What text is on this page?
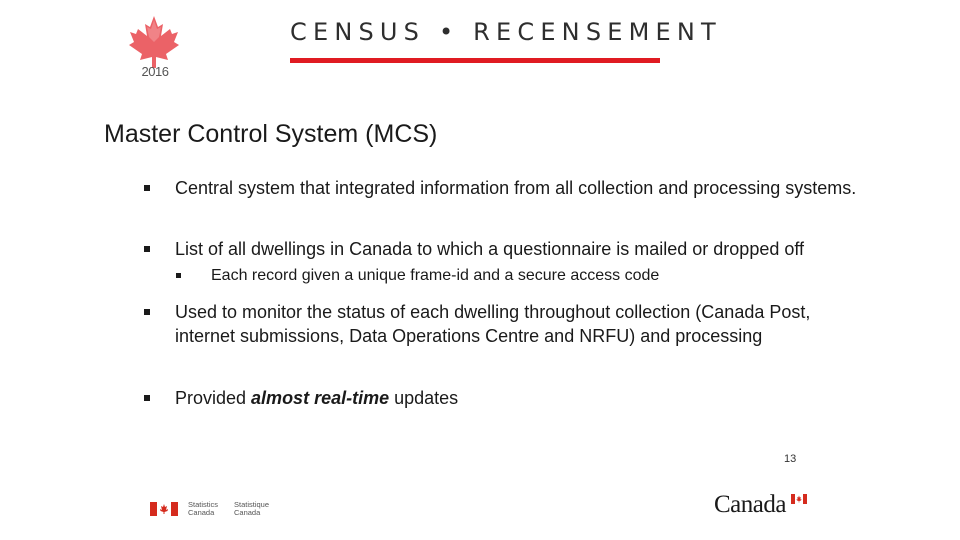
2016
CENSUS • RECENSEMENT
Master Control System (MCS)
Central system that integrated information from all collection and processing systems.
List of all dwellings in Canada to which a questionnaire is mailed or dropped off
Each record given a unique frame-id and a secure access code
Used to monitor the status of each dwelling throughout collection (Canada Post, internet submissions, Data Operations Centre and NRFU) and processing
Provided almost real-time updates
13
Statistics
Canada
Statistique
Canada	Canada
